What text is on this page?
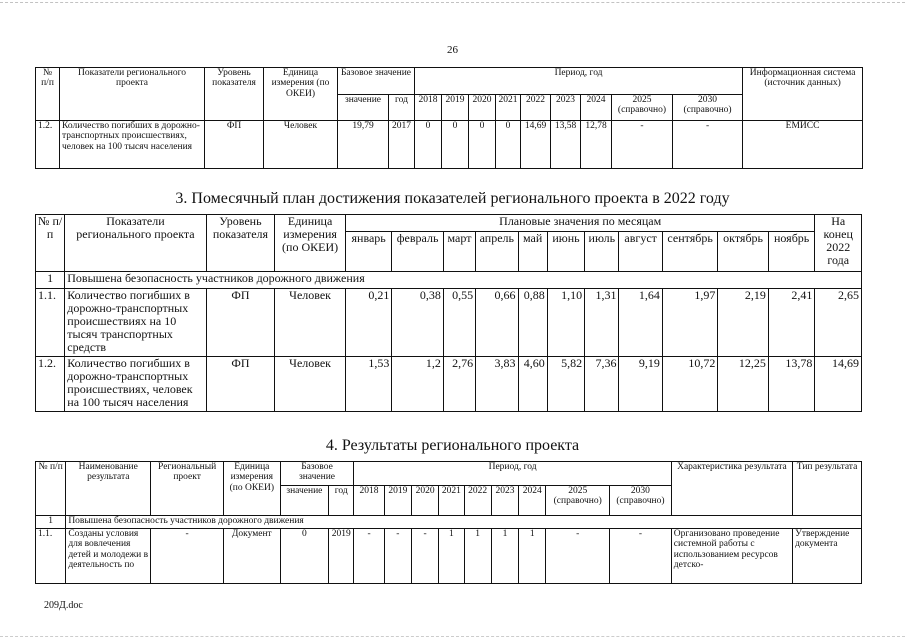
26
№ п/п	Показатели регионального проекта	Уровень показателя	Единица измерения (по ОКЕИ)	Базовое значение		Период, год									Информационная система (источник данных)
				значение	год	2018	2019	2020	2021	2022	2023	2024	2025 (справочно)	2030 (справочно)	
1.2.	Количество погибших в дорожно-транспортных происшествиях, человек на 100 тысяч населения	ФП	Человек	19,79	2017	0	0	0	0	14,69	13,58	12,78	-	-	ЕМИСС
3. Помесячный план достижения показателей регионального проекта в 2022 году
№ п/п	Показатели регионального проекта	Уровень показателя	Единица измерения (по ОКЕИ)	Плановые значения по месяцам											На конец 2022 года
				январь	февраль	март	апрель	май	июнь	июль	август	сентябрь	октябрь	ноябрь	
1	Повышена безопасность участников дорожного движения														
1.1.	Количество погибших в дорожно-транспортных происшествиях на 10 тысяч транспортных средств	ФП	Человек	0,21	0,38	0,55	0,66	0,88	1,10	1,31	1,64	1,97	2,19	2,41	2,65
1.2.	Количество погибших в дорожно-транспортных происшествиях, человек на 100 тысяч населения	ФП	Человек	1,53	1,2	2,76	3,83	4,60	5,82	7,36	9,19	10,72	12,25	13,78	14,69
4. Результаты регионального проекта
№ п/п	Наименование результата	Региональный проект	Единица измерения (по ОКЕИ)	Базовое значение		Период, год									Характеристика результата	Тип результата
				значение	год	2018	2019	2020	2021	2022	2023	2024	2025 (справочно)	2030 (справочно)		
1	Повышена безопасность участников дорожного движения															
1.1.	Созданы условия для вовлечения детей и молодежи в деятельность по	-	Документ	0	2019	-	-	-	1	1	1	1	-	-	Организовано проведение системной работы с использованием ресурсов детско-	Утверждение документа
209Д.doc
